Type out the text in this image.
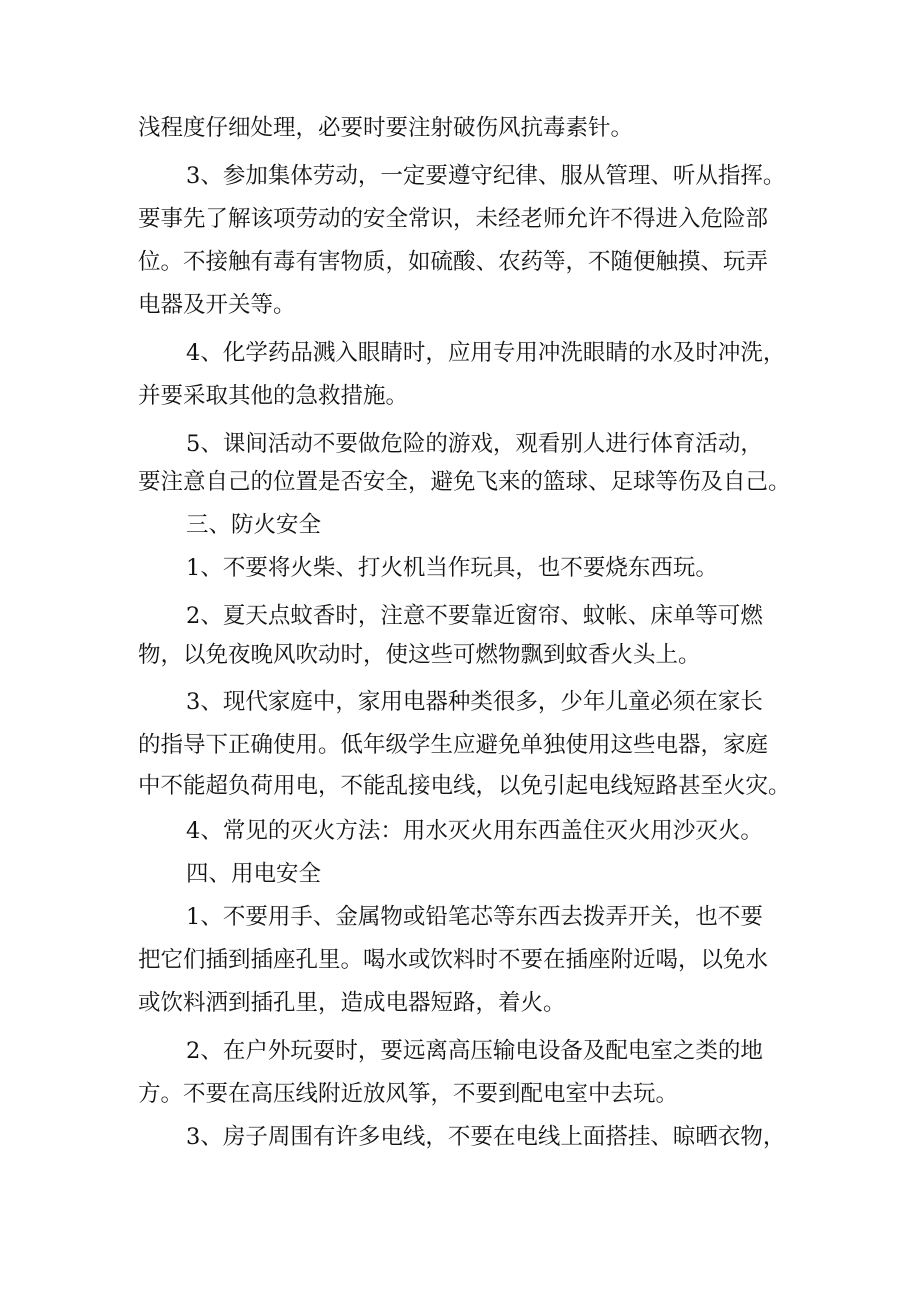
浅程度仔细处理，必要时要注射破伤风抗毒素针。
3、参加集体劳动，一定要遵守纪律、服从管理、听从指挥。
要事先了解该项劳动的安全常识，未经老师允许不得进入危险部
位。不接触有毒有害物质，如硫酸、农药等，不随便触摸、玩弄
电器及开关等。
4、化学药品溅入眼睛时，应用专用冲洗眼睛的水及时冲洗，
并要采取其他的急救措施。
5、课间活动不要做危险的游戏，观看别人进行体育活动，
要注意自己的位置是否安全，避免飞来的篮球、足球等伤及自己。
三、防火安全
1、不要将火柴、打火机当作玩具，也不要烧东西玩。
2、夏天点蚊香时，注意不要靠近窗帘、蚊帐、床单等可燃
物，以免夜晚风吹动时，使这些可燃物飘到蚊香火头上。
3、现代家庭中，家用电器种类很多，少年儿童必须在家长
的指导下正确使用。低年级学生应避免单独使用这些电器，家庭
中不能超负荷用电，不能乱接电线，以免引起电线短路甚至火灾。
4、常见的灭火方法：用水灭火用东西盖住灭火用沙灭火。
四、用电安全
1、不要用手、金属物或铅笔芯等东西去拨弄开关，也不要
把它们插到插座孔里。喝水或饮料时不要在插座附近喝，以免水
或饮料洒到插孔里，造成电器短路，着火。
2、在户外玩耍时，要远离高压输电设备及配电室之类的地
方。不要在高压线附近放风筝，不要到配电室中去玩。
3、房子周围有许多电线，不要在电线上面搭挂、晾晒衣物，
